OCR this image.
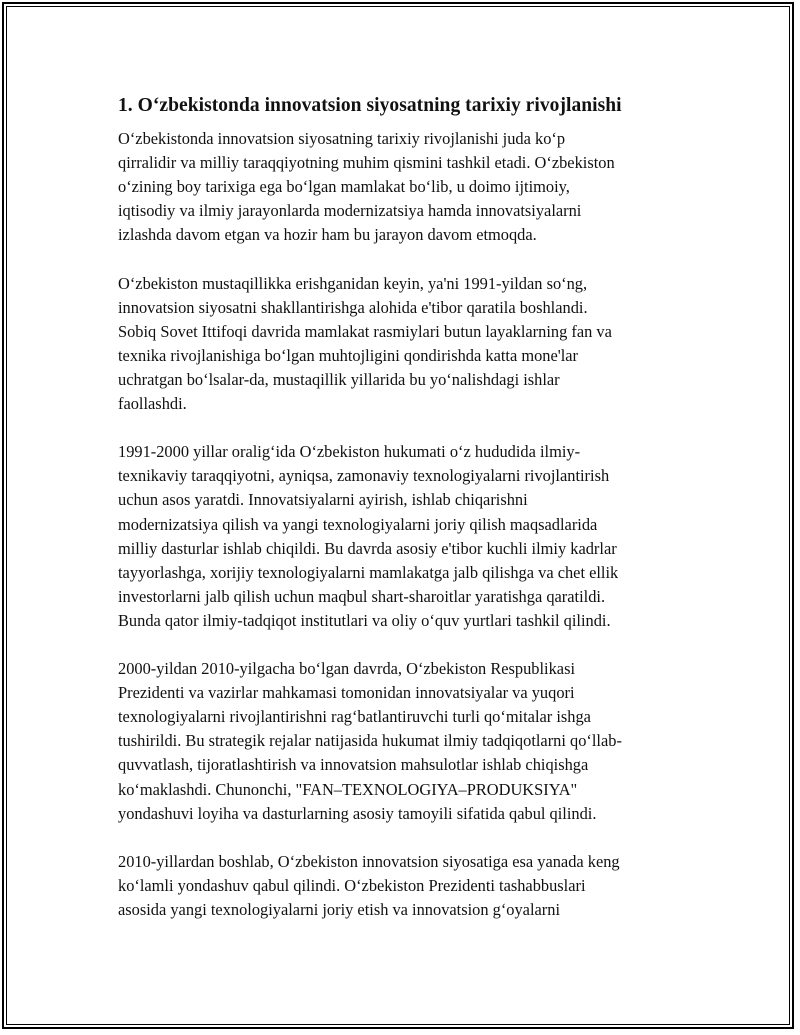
1. O‘zbekistonda innovatsion siyosatning tarixiy rivojlanishi

O‘zbekistonda innovatsion siyosatning tarixiy rivojlanishi juda ko‘p
qirralidir va milliy taraqqiyotning muhim qismini tashkil etadi. O‘zbekiston
o‘zining boy tarixiga ega bo‘lgan mamlakat bo‘lib, u doimo ijtimoiy,
iqtisodiy va ilmiy jarayonlarda modernizatsiya hamda innovatsiyalarni
izlashda davom etgan va hozir ham bu jarayon davom etmoqda.

O‘zbekiston mustaqillikka erishganidan keyin, ya'ni 1991-yildan so‘ng,
innovatsion siyosatni shakllantirishga alohida e'tibor qaratila boshlandi.
Sobiq Sovet Ittifoqi davrida mamlakat rasmiylari butun layaklarning fan va
texnika rivojlanishiga bo‘lgan muhtojligini qondirishda katta mone'lar
uchratgan bo‘lsalar-da, mustaqillik yillarida bu yo‘nalishdagi ishlar
faollashdi.

1991-2000 yillar oralig‘ida O‘zbekiston hukumati o‘z hududida ilmiy-
texnikaviy taraqqiyotni, ayniqsa, zamonaviy texnologiyalarni rivojlantirish
uchun asos yaratdi. Innovatsiyalarni ayirish, ishlab chiqarishni
modernizatsiya qilish va yangi texnologiyalarni joriy qilish maqsadlarida
milliy dasturlar ishlab chiqildi. Bu davrda asosiy e'tibor kuchli ilmiy kadrlar
tayyorlashga, xorijiy texnologiyalarni mamlakatga jalb qilishga va chet ellik
investorlarni jalb qilish uchun maqbul shart-sharoitlar yaratishga qaratildi.
Bunda qator ilmiy-tadqiqot institutlari va oliy o‘quv yurtlari tashkil qilindi.

2000-yildan 2010-yilgacha bo‘lgan davrda, O‘zbekiston Respublikasi
Prezidenti va vazirlar mahkamasi tomonidan innovatsiyalar va yuqori
texnologiyalarni rivojlantirishni rag‘batlantiruvchi turli qo‘mitalar ishga
tushirildi. Bu strategik rejalar natijasida hukumat ilmiy tadqiqotlarni qo‘llab-
quvvatlash, tijoratlashtirish va innovatsion mahsulotlar ishlab chiqishga
ko‘maklashdi. Chunonchi, "FAN–TEXNOLOGIYA–PRODUKSIYA"
yondashuvi loyiha va dasturlarning asosiy tamoyili sifatida qabul qilindi.

2010-yillardan boshlab, O‘zbekiston innovatsion siyosatiga esa yanada keng
ko‘lamli yondashuv qabul qilindi. O‘zbekiston Prezidenti tashabbuslari
asosida yangi texnologiyalarni joriy etish va innovatsion g‘oyalarni
